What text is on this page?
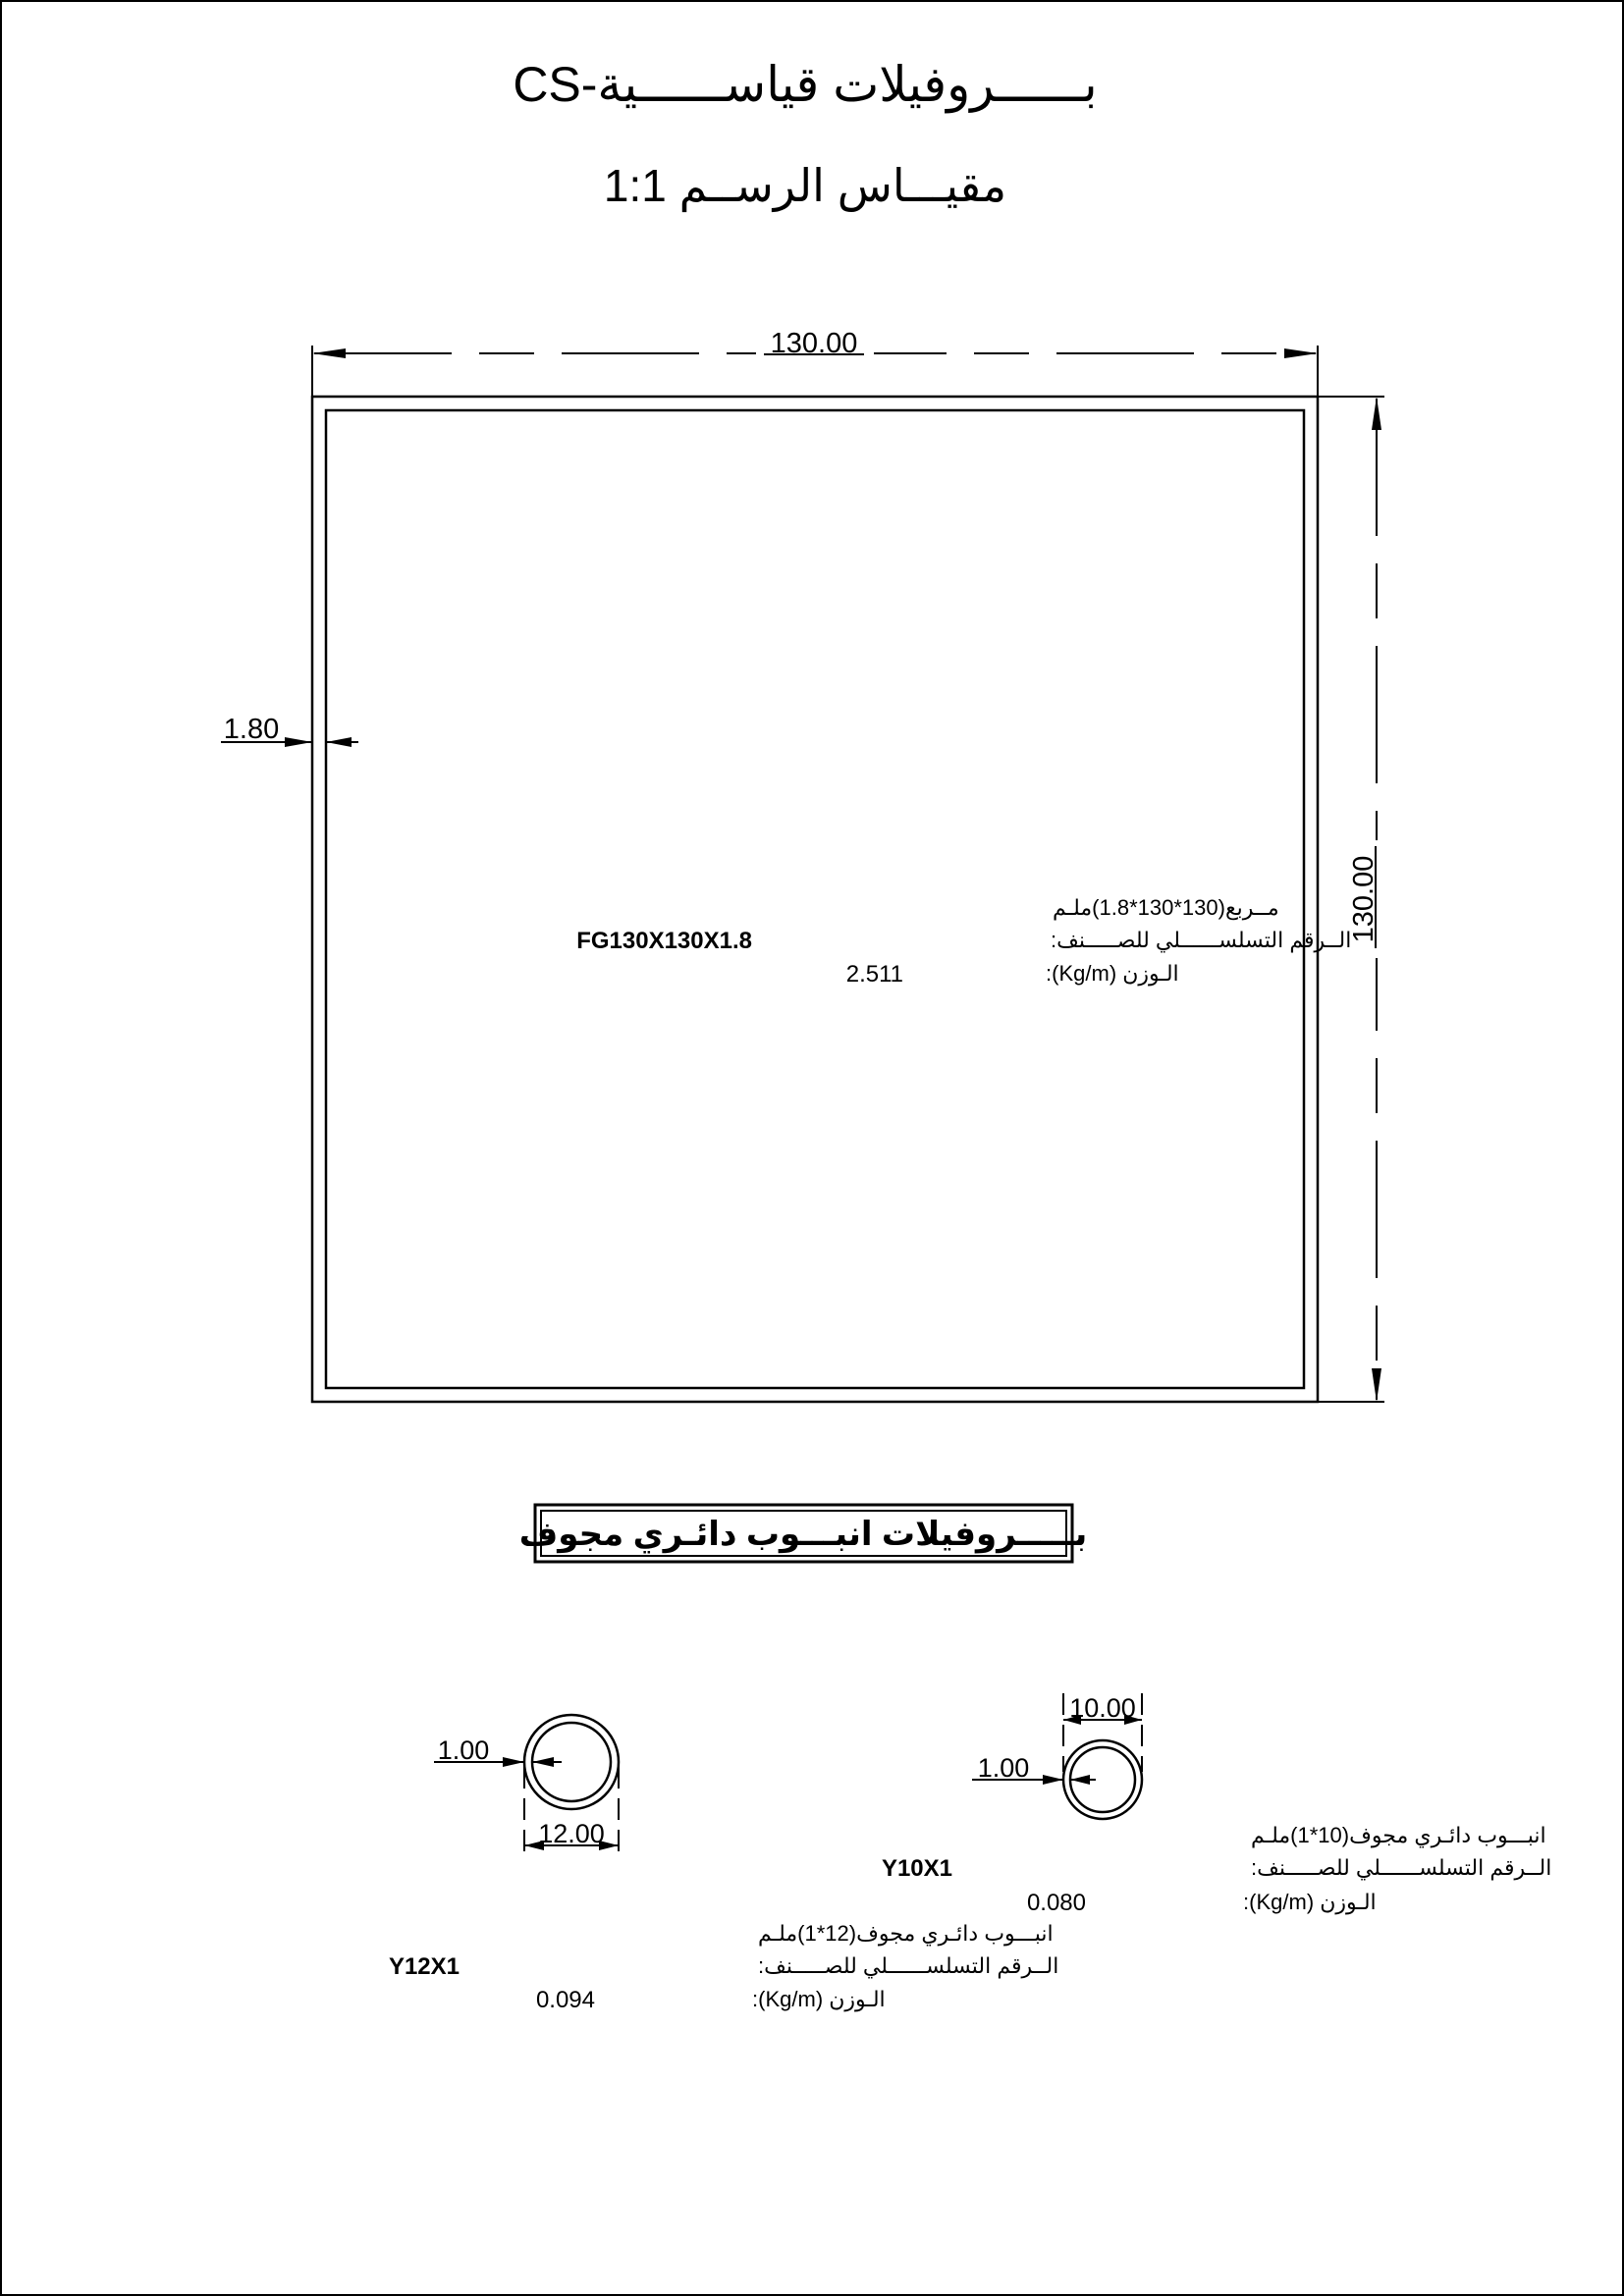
بــــــروفيلات قياســــــية-CS
مقيـــاس الرســم 1:1
130.00
130.00
1.80
مــربع(130*130*1.8)ملـم
الــرقم التسلســــــلي للصـــــنف:
FG130X130X1.8
الـوزن (Kg/m):
2.511
بـــــروفيلات انبـــوب دائـري مجوف
1.00
12.00
انبـــوب دائـري مجوف(12*1)ملـم
الــرقم التسلســــــلي للصـــــنف:
Y12X1
الـوزن (Kg/m):
0.094
10.00
1.00
انبـــوب دائـري مجوف(10*1)ملـم
الــرقم التسلســــــلي للصـــــنف:
Y10X1
الـوزن (Kg/m):
0.080
